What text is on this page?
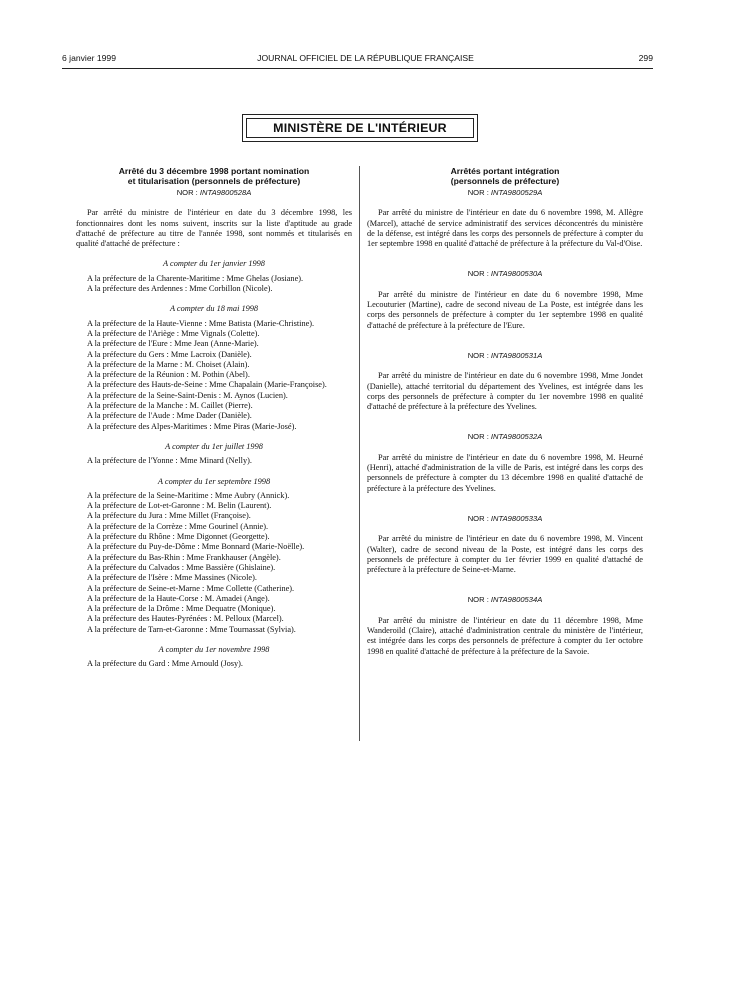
6 janvier 1999	JOURNAL OFFICIEL DE LA RÉPUBLIQUE FRANÇAISE	299
MINISTÈRE DE L'INTÉRIEUR
Arrêté du 3 décembre 1998 portant nomination
et titularisation (personnels de préfecture)
NOR : INTA9800528A

Par arrêté du ministre de l'intérieur en date du 3 décembre 1998, les fonctionnaires dont les noms suivent, inscrits sur la liste d'aptitude au grade d'attaché de préfecture au titre de l'année 1998, sont nommés et titularisés en qualité d'attaché de préfecture :

A compter du 1er janvier 1998
A la préfecture de la Charente-Maritime : Mme Ghelas (Josiane).
A la préfecture des Ardennes : Mme Corbillon (Nicole).
A compter du 18 mai 1998
A la préfecture de la Haute-Vienne : Mme Batista (Marie-Christine).
A la préfecture de l'Ariège : Mme Vignals (Colette).
A la préfecture de l'Eure : Mme Jean (Anne-Marie).
A la préfecture du Gers : Mme Lacroix (Danièle).
A la préfecture de la Marne : M. Choiset (Alain).
A la préfecture de la Réunion : M. Pothin (Abel).
A la préfecture des Hauts-de-Seine : Mme Chapalain (Marie-Françoise).
A la préfecture de la Seine-Saint-Denis : M. Aynos (Lucien).
A la préfecture de la Manche : M. Caillet (Pierre).
A la préfecture de l'Aude : Mme Dader (Danièle).
A la préfecture des Alpes-Maritimes : Mme Piras (Marie-José).
A compter du 1er juillet 1998
A la préfecture de l'Yonne : Mme Minard (Nelly).
A compter du 1er septembre 1998
A la préfecture de la Seine-Maritime : Mme Aubry (Annick).
A la préfecture de Lot-et-Garonne : M. Belin (Laurent).
A la préfecture du Jura : Mme Millet (Françoise).
A la préfecture de la Corrèze : Mme Gourinel (Annie).
A la préfecture du Rhône : Mme Digonnet (Georgette).
A la préfecture du Puy-de-Dôme : Mme Bonnard (Marie-Noëlle).
A la préfecture du Bas-Rhin : Mme Frankhauser (Angèle).
A la préfecture du Calvados : Mme Bassière (Ghislaine).
A la préfecture de l'Isère : Mme Massines (Nicole).
A la préfecture de Seine-et-Marne : Mme Collette (Catherine).
A la préfecture de la Haute-Corse : M. Amadei (Ange).
A la préfecture de la Drôme : Mme Dequatre (Monique).
A la préfecture des Hautes-Pyrénées : M. Pelloux (Marcel).
A la préfecture de Tarn-et-Garonne : Mme Tournassat (Sylvia).
A compter du 1er novembre 1998
A la préfecture du Gard : Mme Arnould (Josy).
Arrêtés portant intégration
(personnels de préfecture)
NOR : INTA9800529A

Par arrêté du ministre de l'intérieur en date du 6 novembre 1998, M. Allègre (Marcel), attaché de service administratif des services déconcentrés du ministère de la défense, est intégré dans les corps des personnels de préfecture à compter du 1er septembre 1998 en qualité d'attaché de préfecture à la préfecture du Val-d'Oise.

NOR : INTA9800530A

Par arrêté du ministre de l'intérieur en date du 6 novembre 1998, Mme Lecouturier (Martine), cadre de second niveau de La Poste, est intégrée dans les corps des personnels de préfecture à compter du 1er septembre 1998 en qualité d'attaché de préfecture à la préfecture de l'Eure.

NOR : INTA9800531A

Par arrêté du ministre de l'intérieur en date du 6 novembre 1998, Mme Jondet (Danielle), attaché territorial du département des Yvelines, est intégrée dans les corps des personnels de préfecture à compter du 1er novembre 1998 en qualité d'attaché de préfecture à la préfecture des Yvelines.

NOR : INTA9800532A

Par arrêté du ministre de l'intérieur en date du 6 novembre 1998, M. Heurné (Henri), attaché d'administration de la ville de Paris, est intégré dans les corps des personnels de préfecture à compter du 13 décembre 1998 en qualité d'attaché de préfecture à la préfecture des Yvelines.

NOR : INTA9800533A

Par arrêté du ministre de l'intérieur en date du 6 novembre 1998, M. Vincent (Walter), cadre de second niveau de la Poste, est intégré dans les corps des personnels de préfecture à compter du 1er février 1999 en qualité d'attaché de préfecture à la préfecture de Seine-et-Marne.

NOR : INTA9800534A

Par arrêté du ministre de l'intérieur en date du 11 décembre 1998, Mme Wanderoild (Claire), attaché d'administration centrale du ministère de l'intérieur, est intégrée dans les corps des personnels de préfecture à compter du 1er octobre 1998 en qualité d'attaché de préfecture à la préfecture de la Savoie.
